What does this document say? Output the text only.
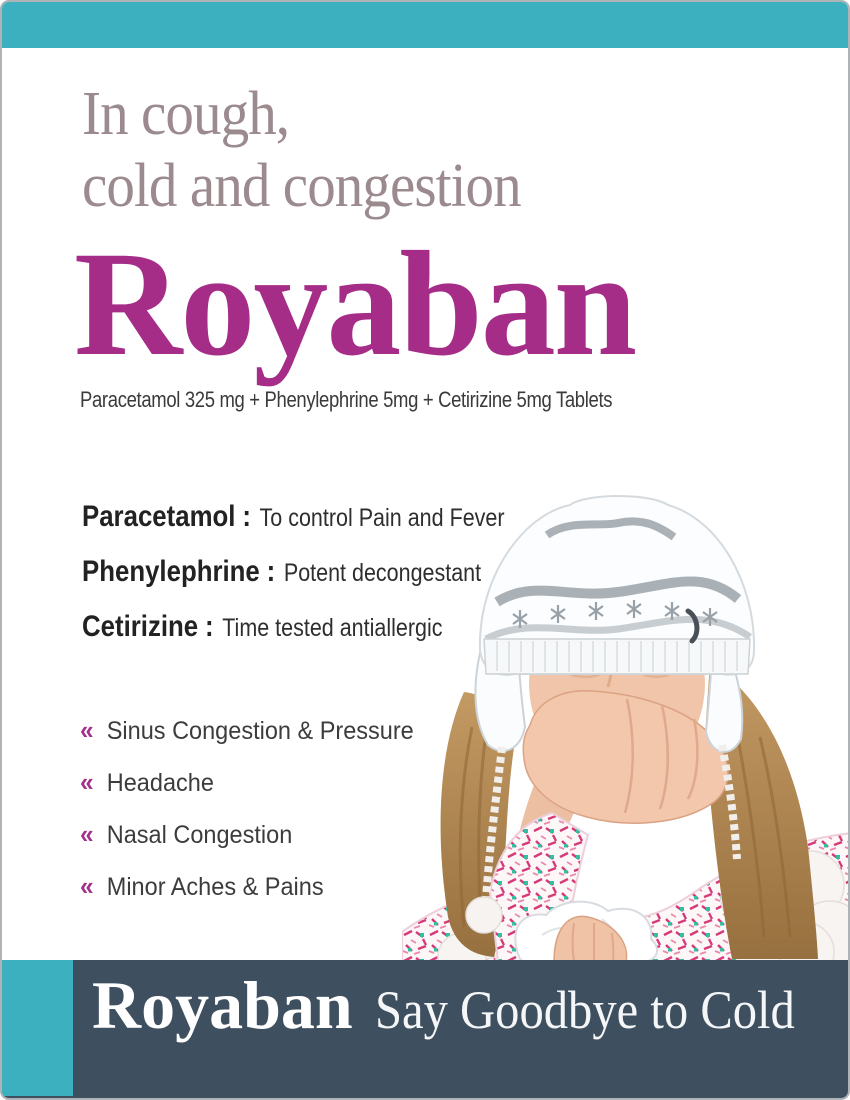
In cough,
cold and congestion
Royaban
Paracetamol 325 mg + Phenylephrine 5mg + Cetirizine 5mg Tablets
Paracetamol : To control Pain and Fever
Phenylephrine : Potent decongestant
Cetirizine : Time tested antiallergic
« Sinus Congestion & Pressure
« Headache
« Nasal Congestion
« Minor Aches & Pains
Royaban Say Goodbye to Cold
